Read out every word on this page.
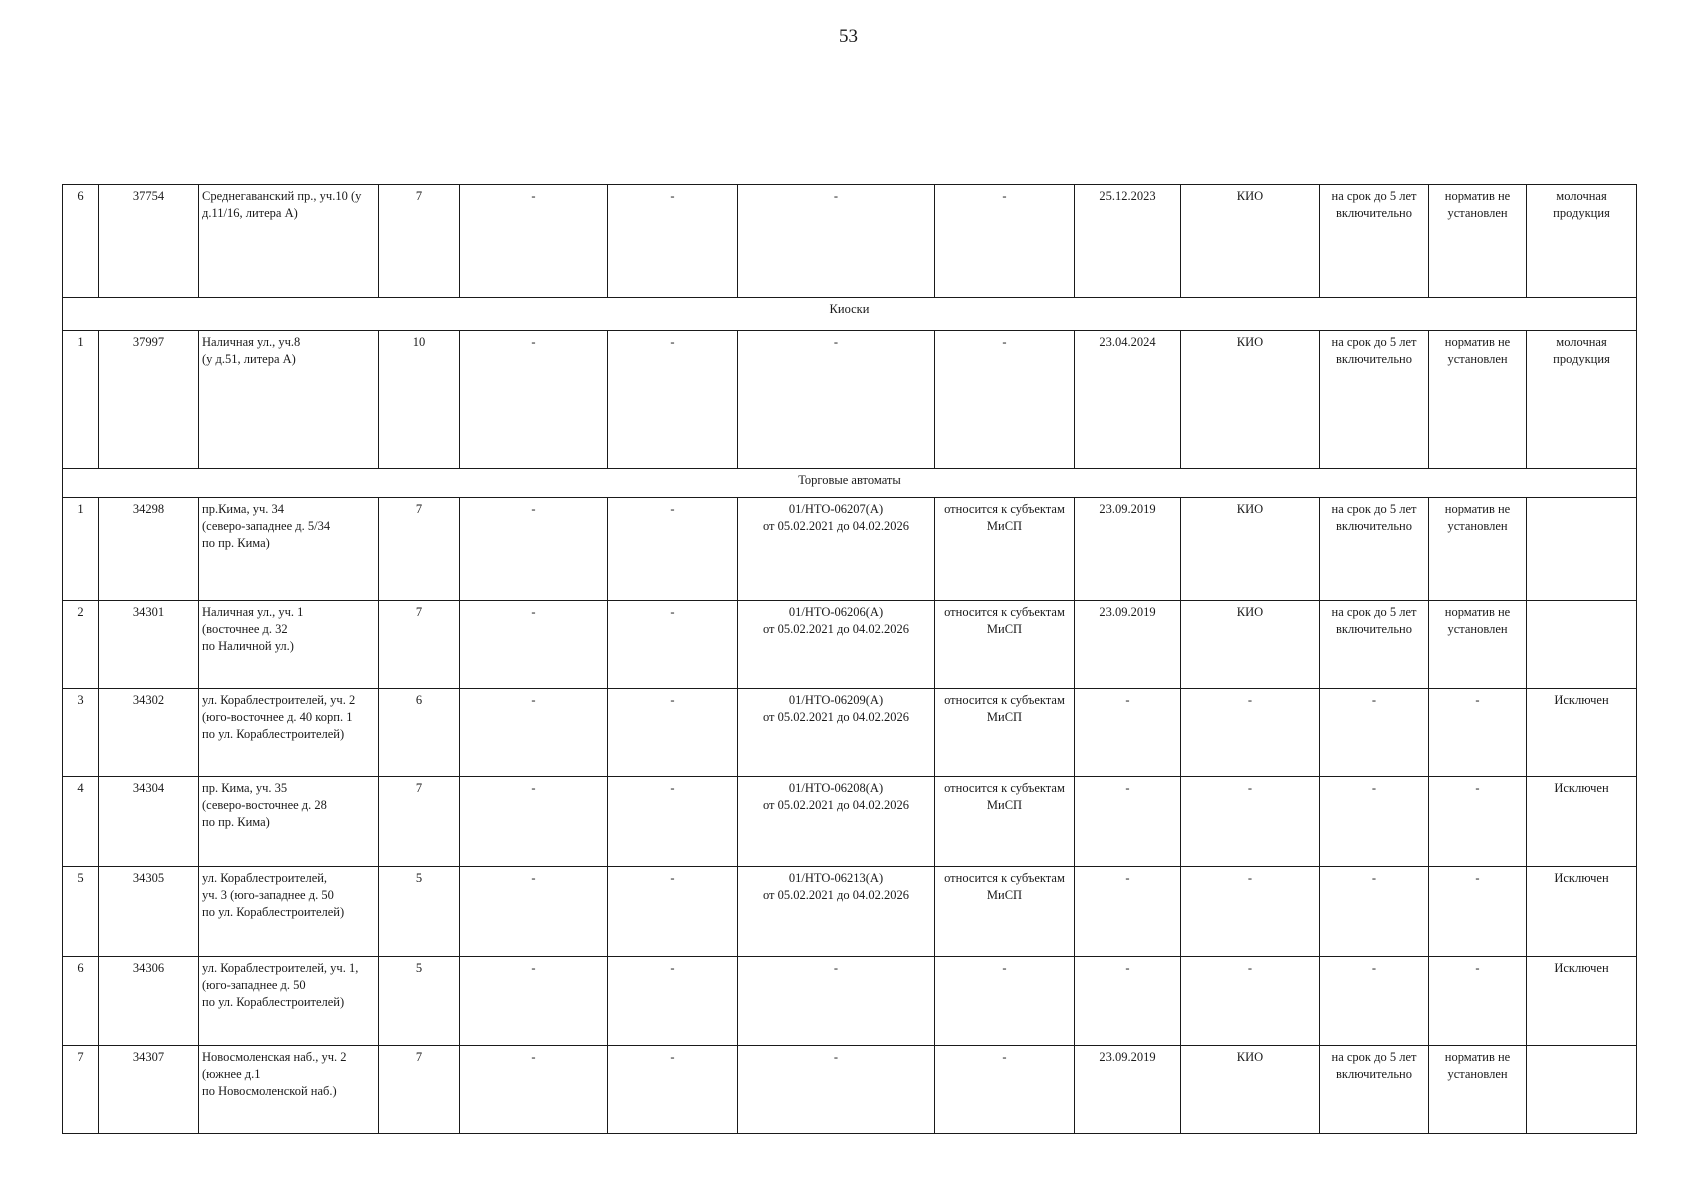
53
6	37754	Среднегаванский пр., уч.10 (у д.11/16, литера А)	7	-	-	-	-	25.12.2023	КИО	на срок до 5 лет включительно	норматив не установлен	молочная продукция
Киоски												
1	37997	Наличная ул., уч.8
(у д.51, литера А)	10	-	-	-	-	23.04.2024	КИО	на срок до 5 лет включительно	норматив не установлен	молочная продукция
Торговые автоматы												
1	34298	пр.Кима, уч. 34
(северо-западнее д. 5/34
по пр. Кима)	7	-	-	01/НТО-06207(А)
от 05.02.2021 до 04.02.2026	относится к субъектам МиСП	23.09.2019	КИО	на срок до 5 лет включительно	норматив не установлен	
2	34301	Наличная ул., уч. 1
(восточнее д. 32
по Наличной ул.)	7	-	-	01/НТО-06206(А)
от 05.02.2021 до 04.02.2026	относится к субъектам МиСП	23.09.2019	КИО	на срок до 5 лет включительно	норматив не установлен	
3	34302	ул. Кораблестроителей, уч. 2
(юго-восточнее д. 40 корп. 1
по ул. Кораблестроителей)	6	-	-	01/НТО-06209(А)
от 05.02.2021 до 04.02.2026	относится к субъектам МиСП	-	-	-	-	Исключен
4	34304	пр. Кима, уч. 35
(северо-восточнее д. 28
по пр. Кима)	7	-	-	01/НТО-06208(А)
от 05.02.2021 до 04.02.2026	относится к субъектам МиСП	-	-	-	-	Исключен
5	34305	ул. Кораблестроителей,
уч. 3 (юго-западнее д. 50
по ул. Кораблестроителей)	5	-	-	01/НТО-06213(А)
от 05.02.2021 до 04.02.2026	относится к субъектам МиСП	-	-	-	-	Исключен
6	34306	ул. Кораблестроителей, уч. 1,
(юго-западнее д. 50
по ул. Кораблестроителей)	5	-	-	-	-	-	-	-	-	Исключен
7	34307	Новосмоленская наб., уч. 2
(южнее д.1
по Новосмоленской наб.)	7	-	-	-	-	23.09.2019	КИО	на срок до 5 лет включительно	норматив не установлен	
